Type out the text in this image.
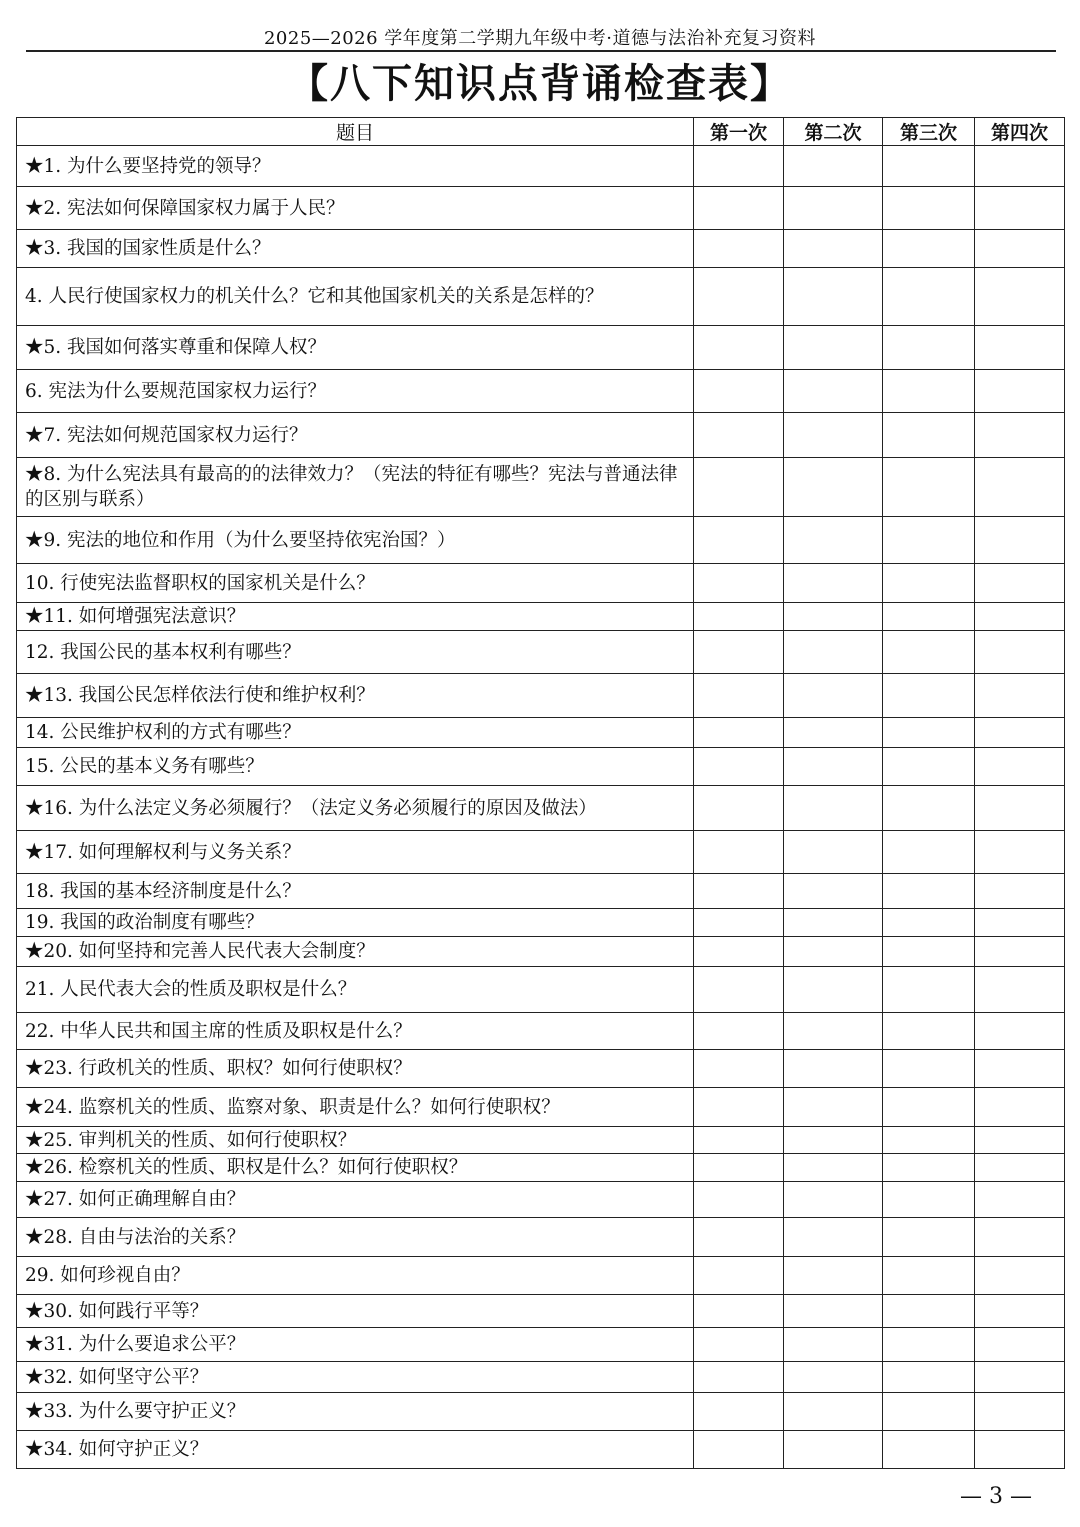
2025—2026 学年度第二学期九年级中考·道德与法治补充复习资料
【八下知识点背诵检查表】
题目	第一次	第二次	第三次	第四次
★1. 为什么要坚持党的领导？				
★2. 宪法如何保障国家权力属于人民？				
★3. 我国的国家性质是什么？				
4. 人民行使国家权力的机关什么？它和其他国家机关的关系是怎样的？				
★5. 我国如何落实尊重和保障人权？				
6. 宪法为什么要规范国家权力运行？				
★7. 宪法如何规范国家权力运行？				
★8. 为什么宪法具有最高的的法律效力？（宪法的特征有哪些？宪法与普通法律的区别与联系）				
★9. 宪法的地位和作用（为什么要坚持依宪治国？）				
10. 行使宪法监督职权的国家机关是什么？				
★11. 如何增强宪法意识？				
12. 我国公民的基本权利有哪些？				
★13. 我国公民怎样依法行使和维护权利？				
14. 公民维护权利的方式有哪些？				
15. 公民的基本义务有哪些？				
★16. 为什么法定义务必须履行？（法定义务必须履行的原因及做法）				
★17. 如何理解权利与义务关系？				
18. 我国的基本经济制度是什么？				
19. 我国的政治制度有哪些？				
★20. 如何坚持和完善人民代表大会制度？				
21. 人民代表大会的性质及职权是什么？				
22. 中华人民共和国主席的性质及职权是什么？				
★23. 行政机关的性质、职权？如何行使职权？				
★24. 监察机关的性质、监察对象、职责是什么？如何行使职权？				
★25. 审判机关的性质、如何行使职权？				
★26. 检察机关的性质、职权是什么？如何行使职权？				
★27. 如何正确理解自由？				
★28. 自由与法治的关系？				
29. 如何珍视自由？				
★30. 如何践行平等？				
★31. 为什么要追求公平？				
★32. 如何坚守公平？				
★33. 为什么要守护正义？				
★34. 如何守护正义？				
— 3 —
